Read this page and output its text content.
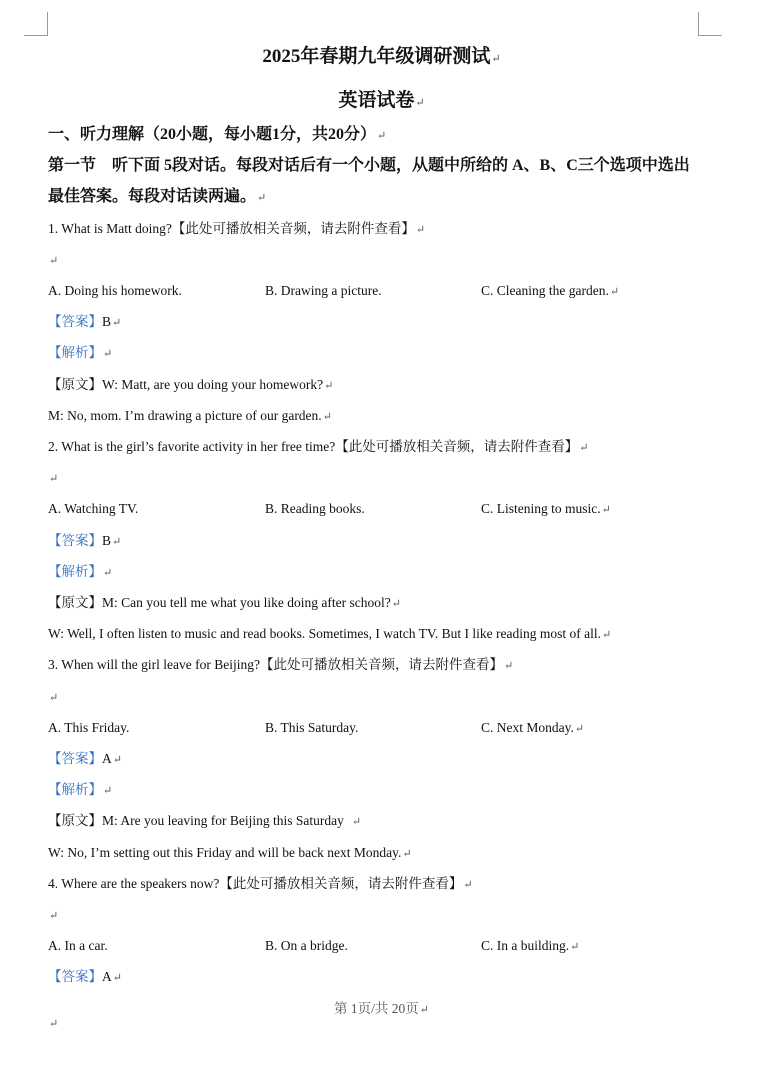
2025年春期九年级调研测试↵
英语试卷↵
一、听力理解（20小题，每小题1分，共20分）↵
第一节　听下面 5段对话。每段对话后有一个小题，从题中所给的 A、B、C三个选项中选出
最佳答案。每段对话读两遍。↵
1. What is Matt doing?【此处可播放相关音频，请去附件查看】↵
↵
A. Doing his homework.	B. Drawing a picture.	C. Cleaning the garden.↵
【答案】B↵
【解析】↵
【原文】W: Matt, are you doing your homework?↵
M: No, mom. I’m drawing a picture of our garden.↵
2. What is the girl’s favorite activity in her free time?【此处可播放相关音频，请去附件查看】↵
↵
A. Watching TV.	B. Reading books.	C. Listening to music.↵
【答案】B↵
【解析】↵
【原文】M: Can you tell me what you like doing after school?↵
W: Well, I often listen to music and read books. Sometimes, I watch TV. But I like reading most of all.↵
3. When will the girl leave for Beijing?【此处可播放相关音频，请去附件查看】↵
↵
A. This Friday.	B. This Saturday.	C. Next Monday.↵
【答案】A↵
【解析】↵
【原文】M: Are you leaving for Beijing this Saturday ↵
W: No, I’m setting out this Friday and will be back next Monday.↵
4. Where are the speakers now?【此处可播放相关音频，请去附件查看】↵
↵
A. In a car.	B. On a bridge.	C. In a building.↵
【答案】A↵
第 1页/共 20页↵
↵
